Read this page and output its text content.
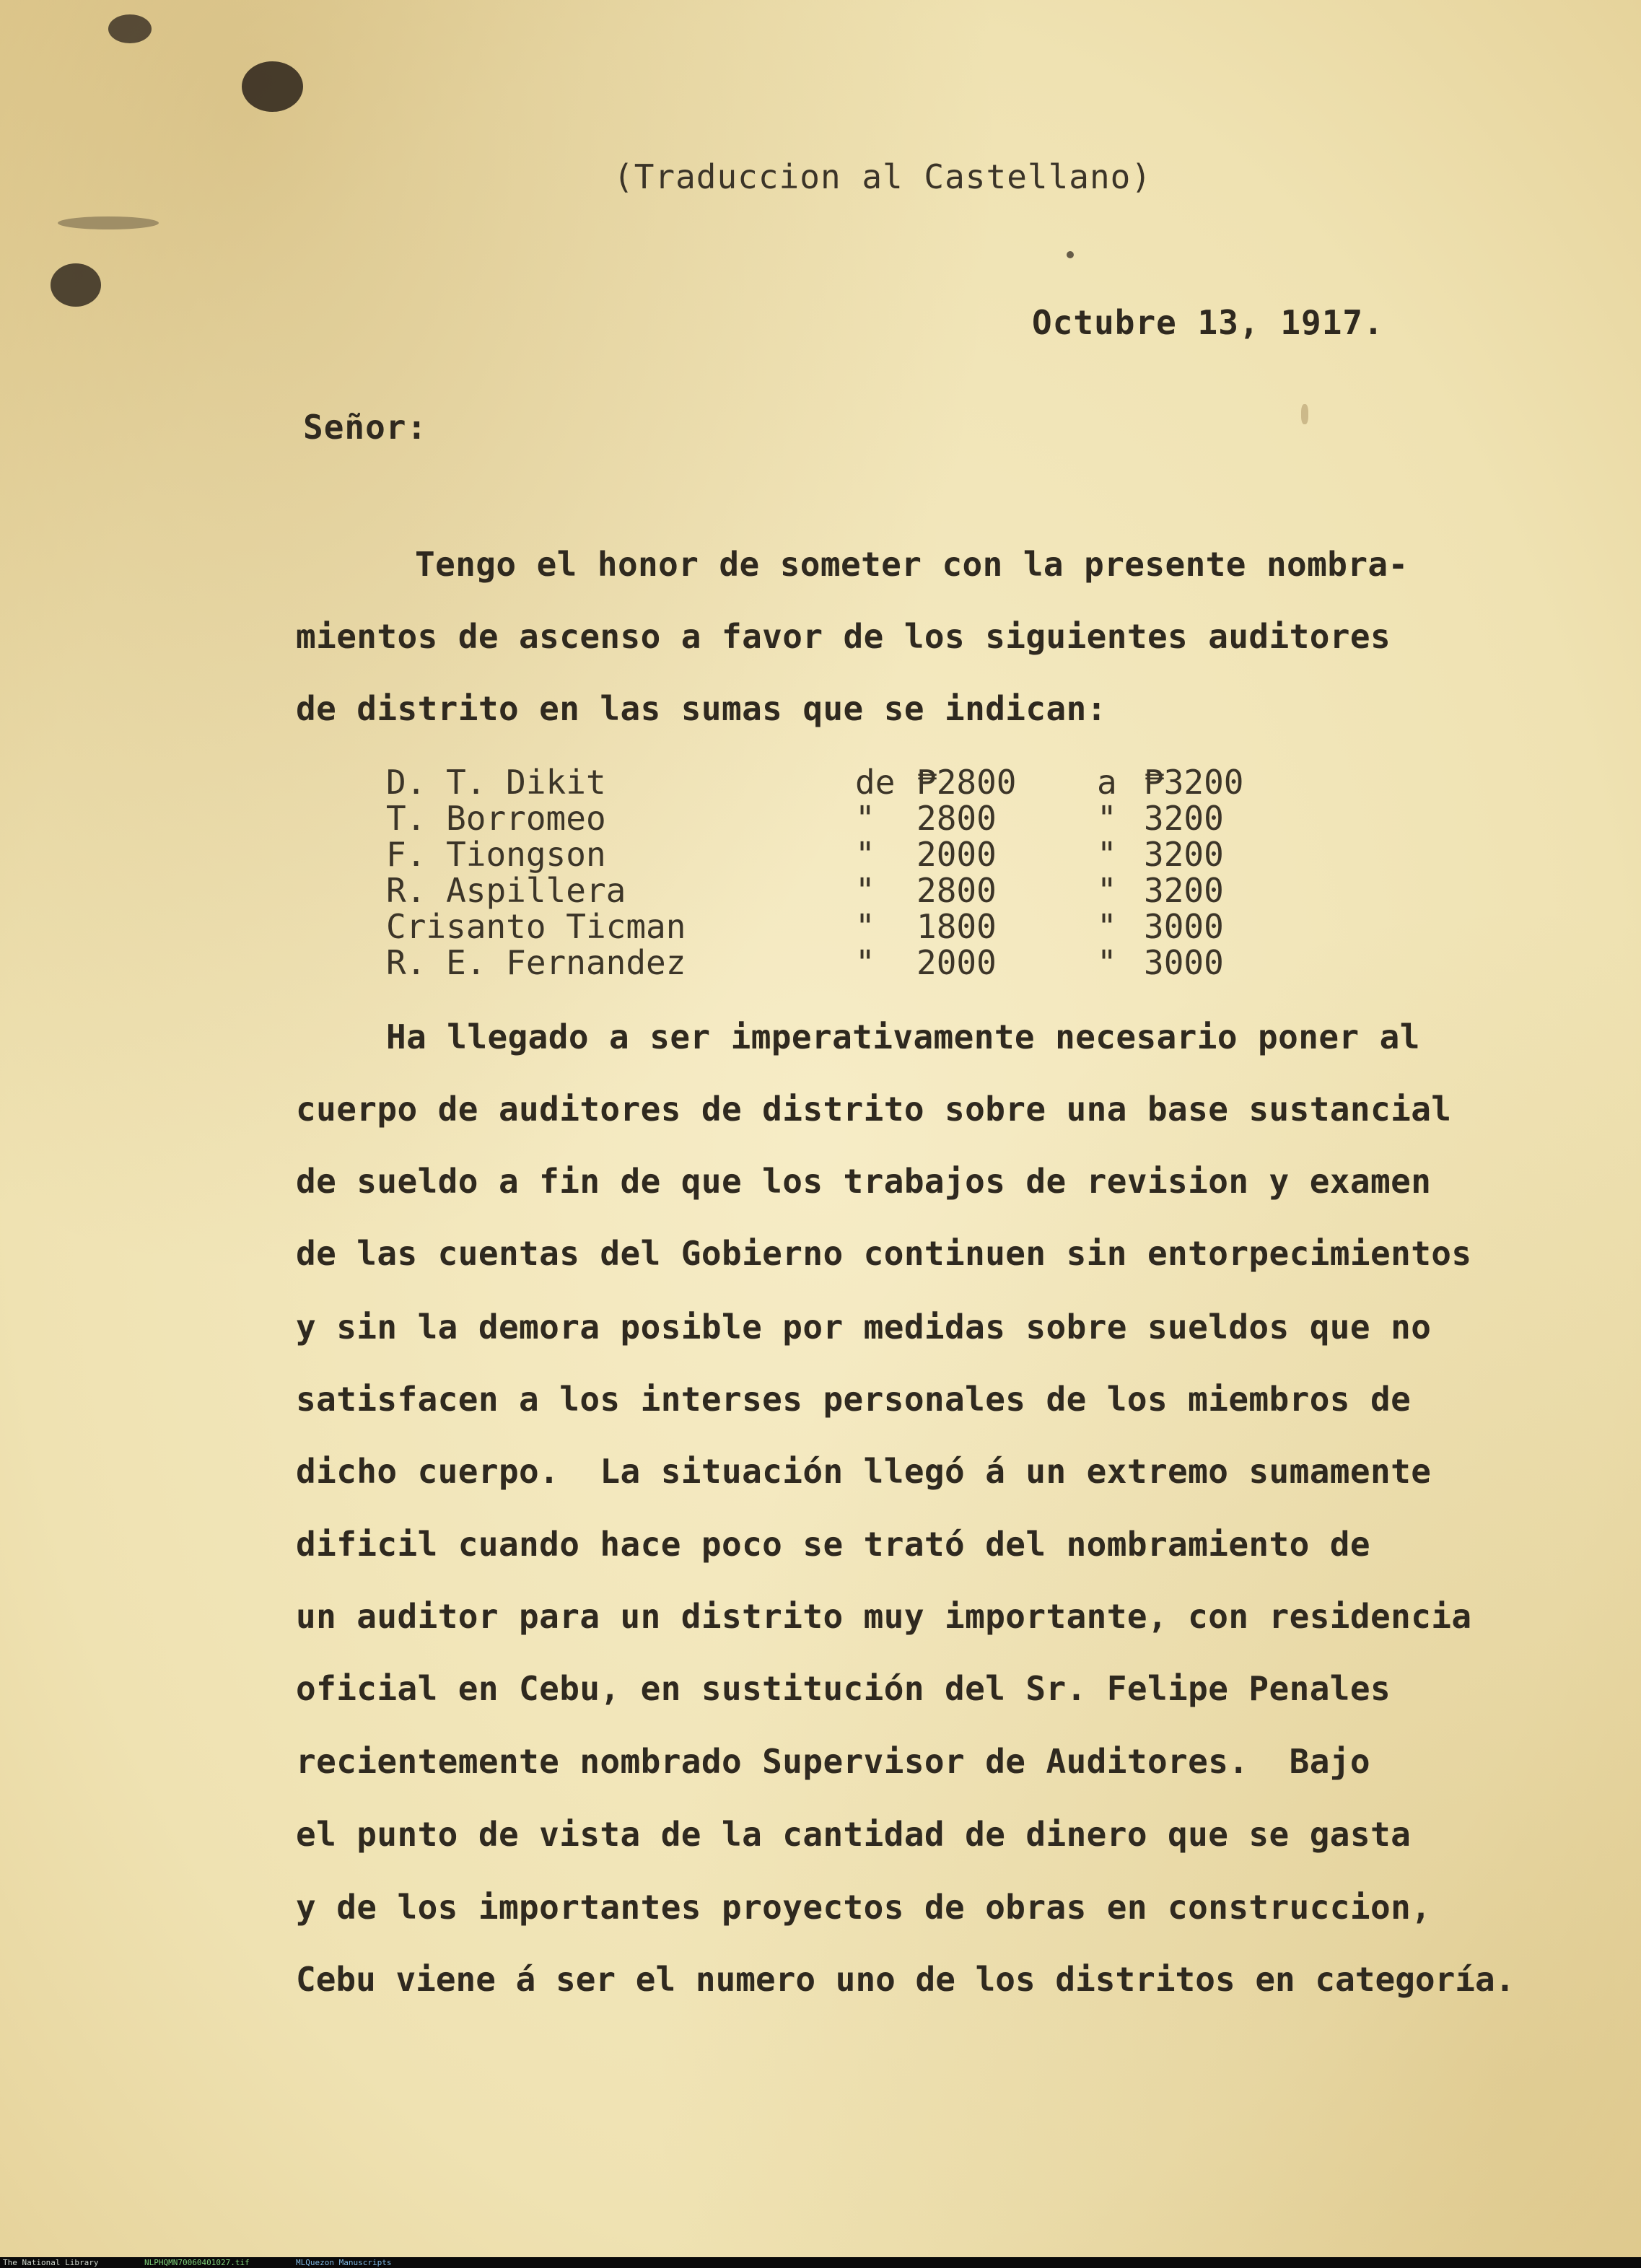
(Traduccion al Castellano)
Octubre 13, 1917.
Señor:
Tengo el honor de someter con la presente nombra-
mientos de ascenso a favor de los siguientes auditores
de distrito en las sumas que se indican:
D. T. Dikit	de ₱2800 a ₱3200
T. Borromeo	" 2800	" 3200
F. Tiongson	" 2000	" 3200
R. Aspillera	" 2800	" 3200
Crisanto Ticman	" 1800	" 3000
R. E. Fernandez	" 2000	" 3000
Ha llegado a ser imperativamente necesario poner al
cuerpo de auditores de distrito sobre una base sustancial
de sueldo a fin de que los trabajos de revision y examen
de las cuentas del Gobierno continuen sin entorpecimientos
y sin la demora posible por medidas sobre sueldos que no
satisfacen a los interses personales de los miembros de
dicho cuerpo.  La situación llegó á un extremo sumamente
dificil cuando hace poco se trató del nombramiento de
un auditor para un distrito muy importante, con residencia
oficial en Cebu, en sustitución del Sr. Felipe Penales
recientemente nombrado Supervisor de Auditores.  Bajo
el punto de vista de la cantidad de dinero que se gasta
y de los importantes proyectos de obras en construccion,
Cebu viene á ser el numero uno de los distritos en categoría.
The National Library	NLPHQMN70060401027.tif	MLQuezon Manuscripts
